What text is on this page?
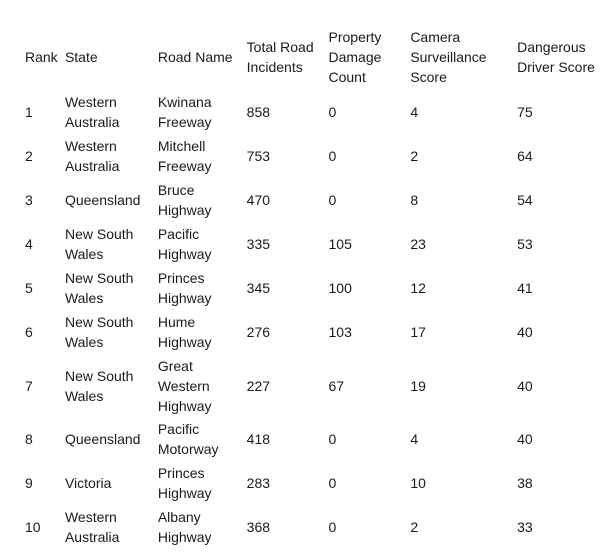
Rank	State	Road Name	Total Road Incidents	Property Damage Count	Camera Surveillance Score	Dangerous Driver Score
1	Western Australia	Kwinana Freeway	858	0	4	75
2	Western Australia	Mitchell Freeway	753	0	2	64
3	Queensland	Bruce Highway	470	0	8	54
4	New South Wales	Pacific Highway	335	105	23	53
5	New South Wales	Princes Highway	345	100	12	41
6	New South Wales	Hume Highway	276	103	17	40
7	New South Wales	Great Western Highway	227	67	19	40
8	Queensland	Pacific Motorway	418	0	4	40
9	Victoria	Princes Highway	283	0	10	38
10	Western Australia	Albany Highway	368	0	2	33
